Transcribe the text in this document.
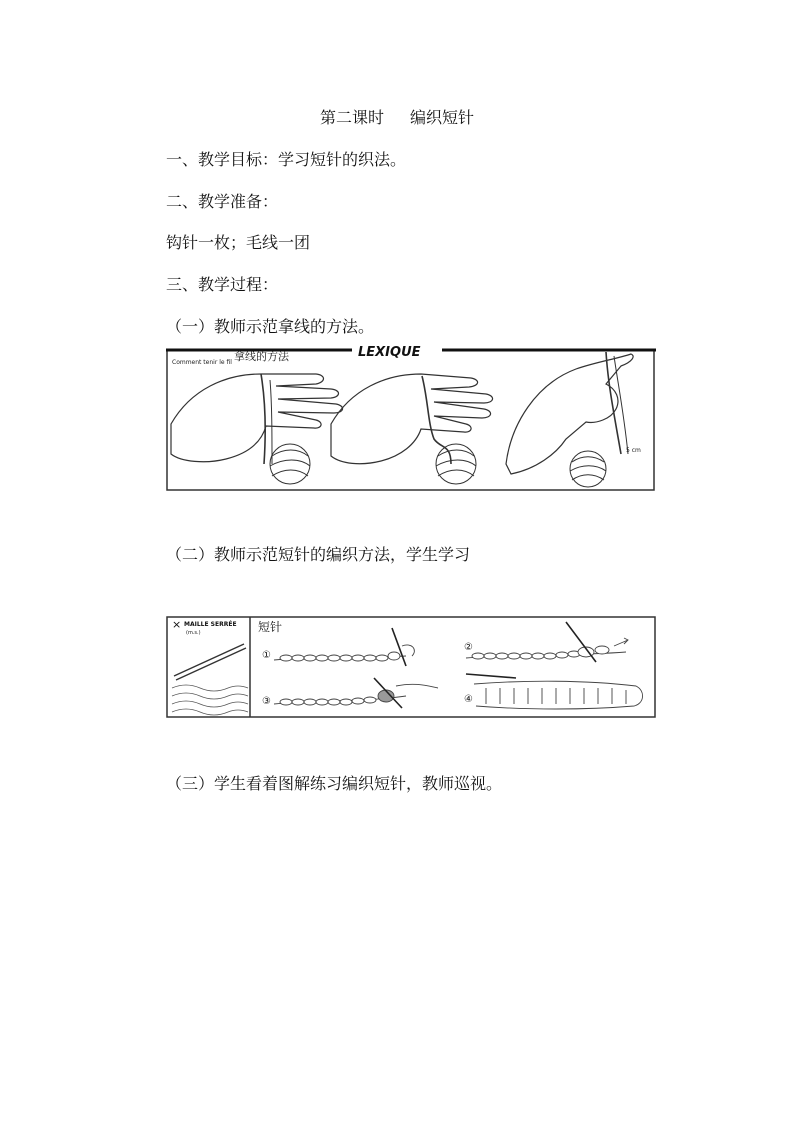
第二课时 编织短针
一、教学目标：学习短针的织法。
二、教学准备：
钩针一枚；毛线一团
三、教学过程：
（一）教师示范拿线的方法。
Comment tenir le fil 拿线的方法	LEXIQUE
5 cm
（二）教师示范短针的编织方法，学生学习
× MAILLE SERRÉE
(m.s.)	短针
①
②
③	④
（三）学生看着图解练习编织短针，教师巡视。
